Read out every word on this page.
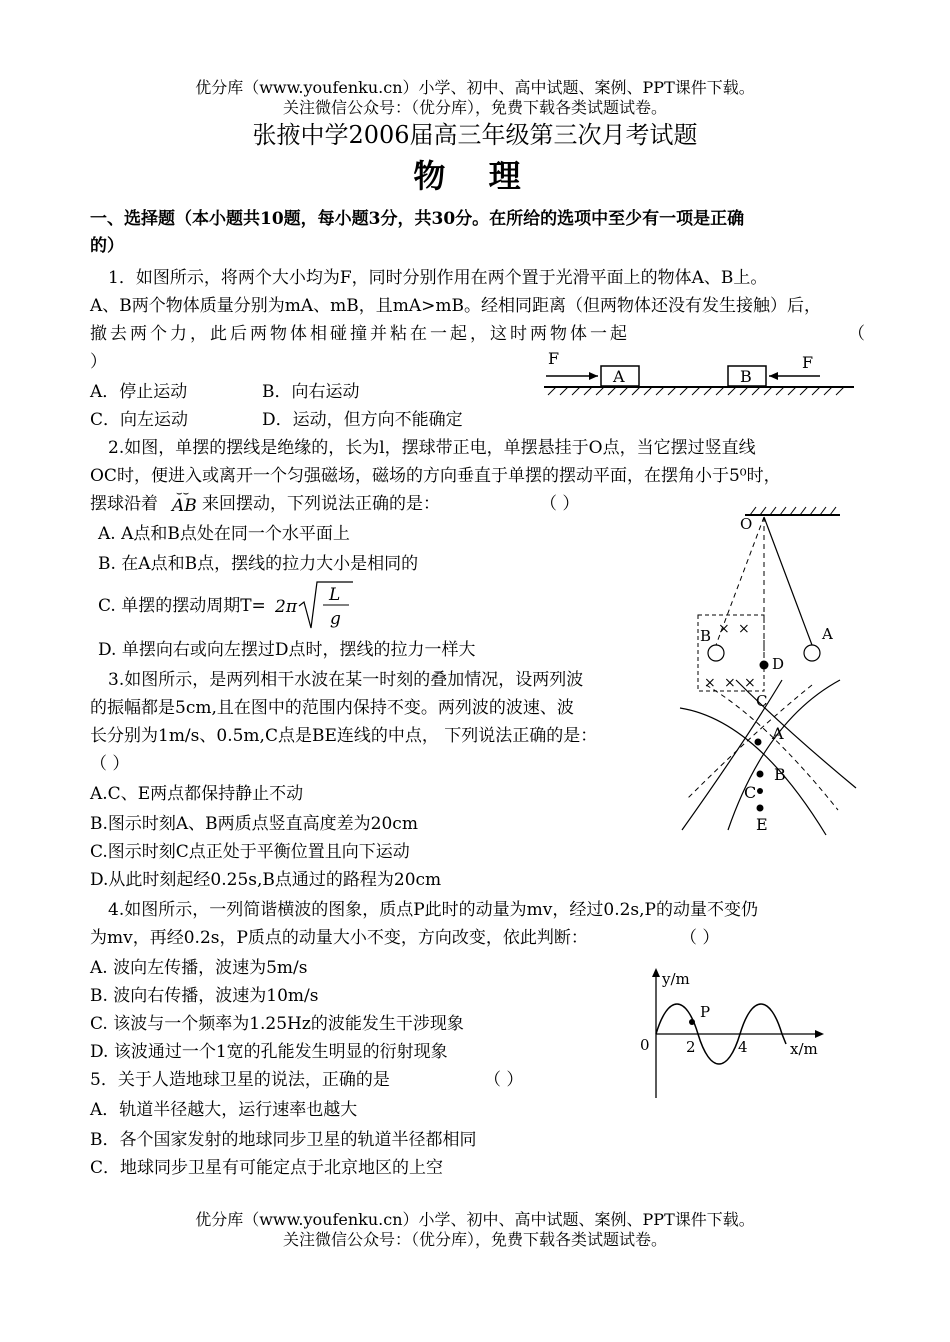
优分库（www.youfenku.cn）小学、初中、高中试题、案例、PPT课件下载。
关注微信公众号：（优分库），免费下载各类试题试卷。
张掖中学2006届高三年级第三次月考试题
物 理
一、选择题（本小题共10题，每小题3分，共30分。在所给的选项中至少有一项是正确
的）
1．如图所示，将两个大小均为F，同时分别作用在两个置于光滑平面上的物体A、B上。
A、B两个物体质量分别为mA、mB，且mA>mB。经相同距离（但两物体还没有发生接触）后，
撤去两个力，此后两物体相碰撞并粘在一起，这时两物体一起	（
）
A．停止运动	B．向右运动
C．向左运动	D．运动，但方向不能确定
F
A	B
F
2.如图，单摆的摆线是绝缘的，长为l，摆球带正电，单摆悬挂于O点，当它摆过竖直线
OC时，便进入或离开一个匀强磁场，磁场的方向垂直于单摆的摆动平面，在摆角小于5⁰时，
摆球沿着
⌣⌣
AB 来回摆动，下列说法正确的是：	（ ）
A. A点和B点处在同一个水平面上
B. 在A点和B点，摆线的拉力大小是相同的
C. 单摆的摆动周期T= 2π
L
g
D. 单摆向右或向左摆过D点时，摆线的拉力一样大
O
× ×
× × ×
B	A
D
C
3.如图所示，是两列相干水波在某一时刻的叠加情况，设两列波
的振幅都是5cm,且在图中的范围内保持不变。两列波的波速、波
长分别为1m/s、0.5m,C点是BE连线的中点， 下列说法正确的是：
（ ）
A.C、E两点都保持静止不动
B.图示时刻A、B两质点竖直高度差为20cm
C.图示时刻C点正处于平衡位置且向下运动
D.从此时刻起经0.25s,B点通过的路程为20cm
A
B
C
E
4.如图所示，一列简谐横波的图象，质点P此时的动量为mv，经过0.2s,P的动量不变仍
为mv，再经0.2s，P质点的动量大小不变，方向改变，依此判断：	（ ）
A. 波向左传播，波速为5m/s
B. 波向右传播，波速为10m/s
C. 该波与一个频率为1.25Hz的波能发生干涉现象
D. 该波通过一个1宽的孔能发生明显的衍射现象
P
y/m
x/m
0 2	4
5．关于人造地球卫星的说法，正确的是	（ ）
A．轨道半径越大，运行速率也越大
B．各个国家发射的地球同步卫星的轨道半径都相同
C．地球同步卫星有可能定点于北京地区的上空
优分库（www.youfenku.cn）小学、初中、高中试题、案例、PPT课件下载。
关注微信公众号：（优分库），免费下载各类试题试卷。
